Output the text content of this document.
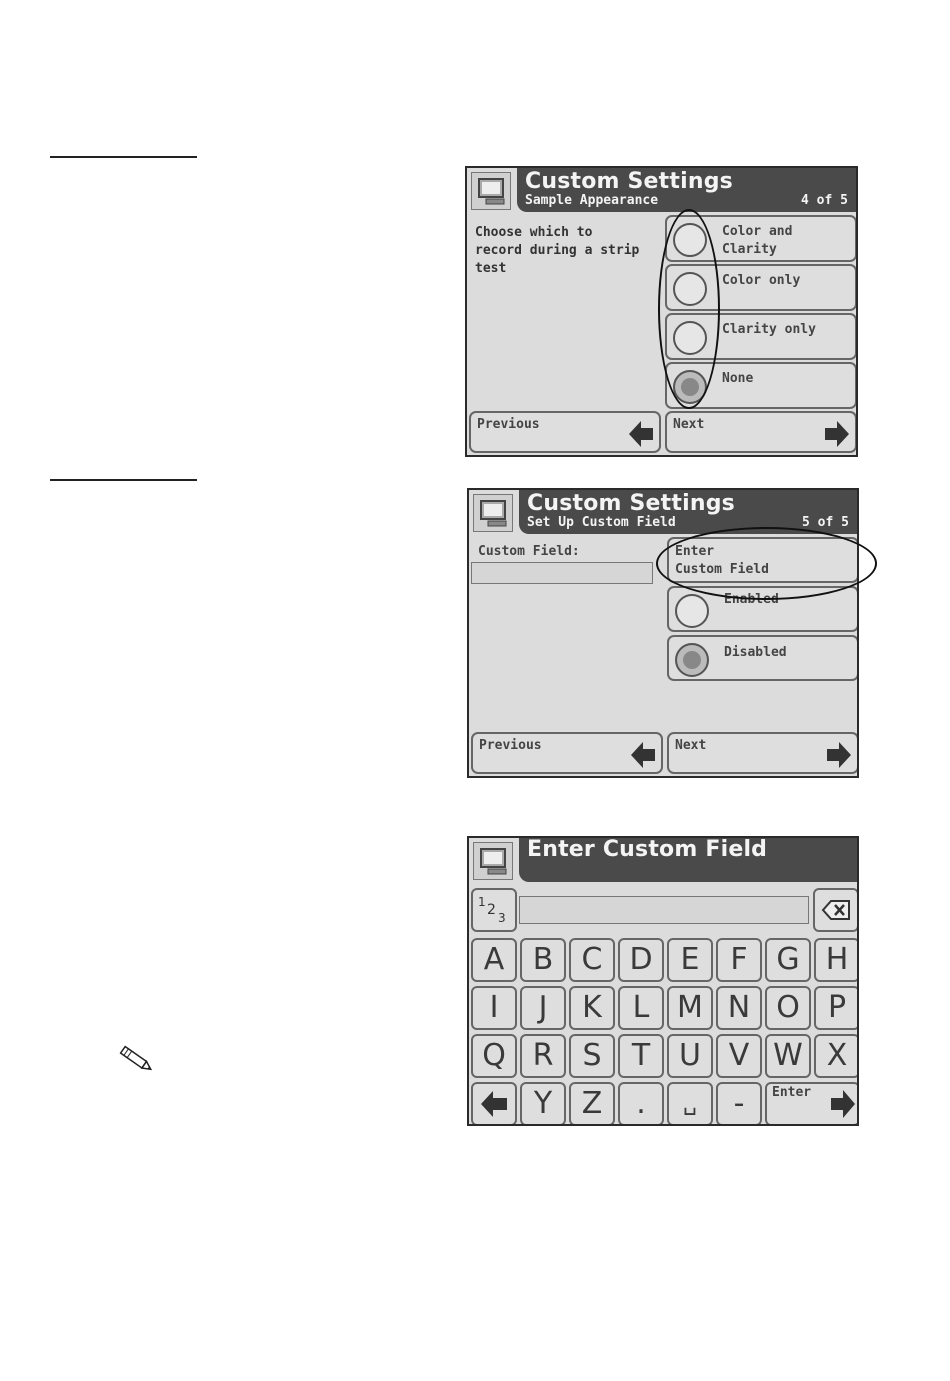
Custom Settings
Sample Appearance	4 of 5
Choose which to
record during a strip
test
Color and
Clarity
Color only
Clarity only
None
Previous	Next
Custom Settings
Set Up Custom Field	5 of 5
Custom Field:	Enter
Custom Field
Enabled
Disabled
Previous	Next
Enter Custom Field
1 2 3
A B C D E	F G H
I	J	K	L M N O P
Q R S	T U V W X
Y Z	.	␣	-	Enter
